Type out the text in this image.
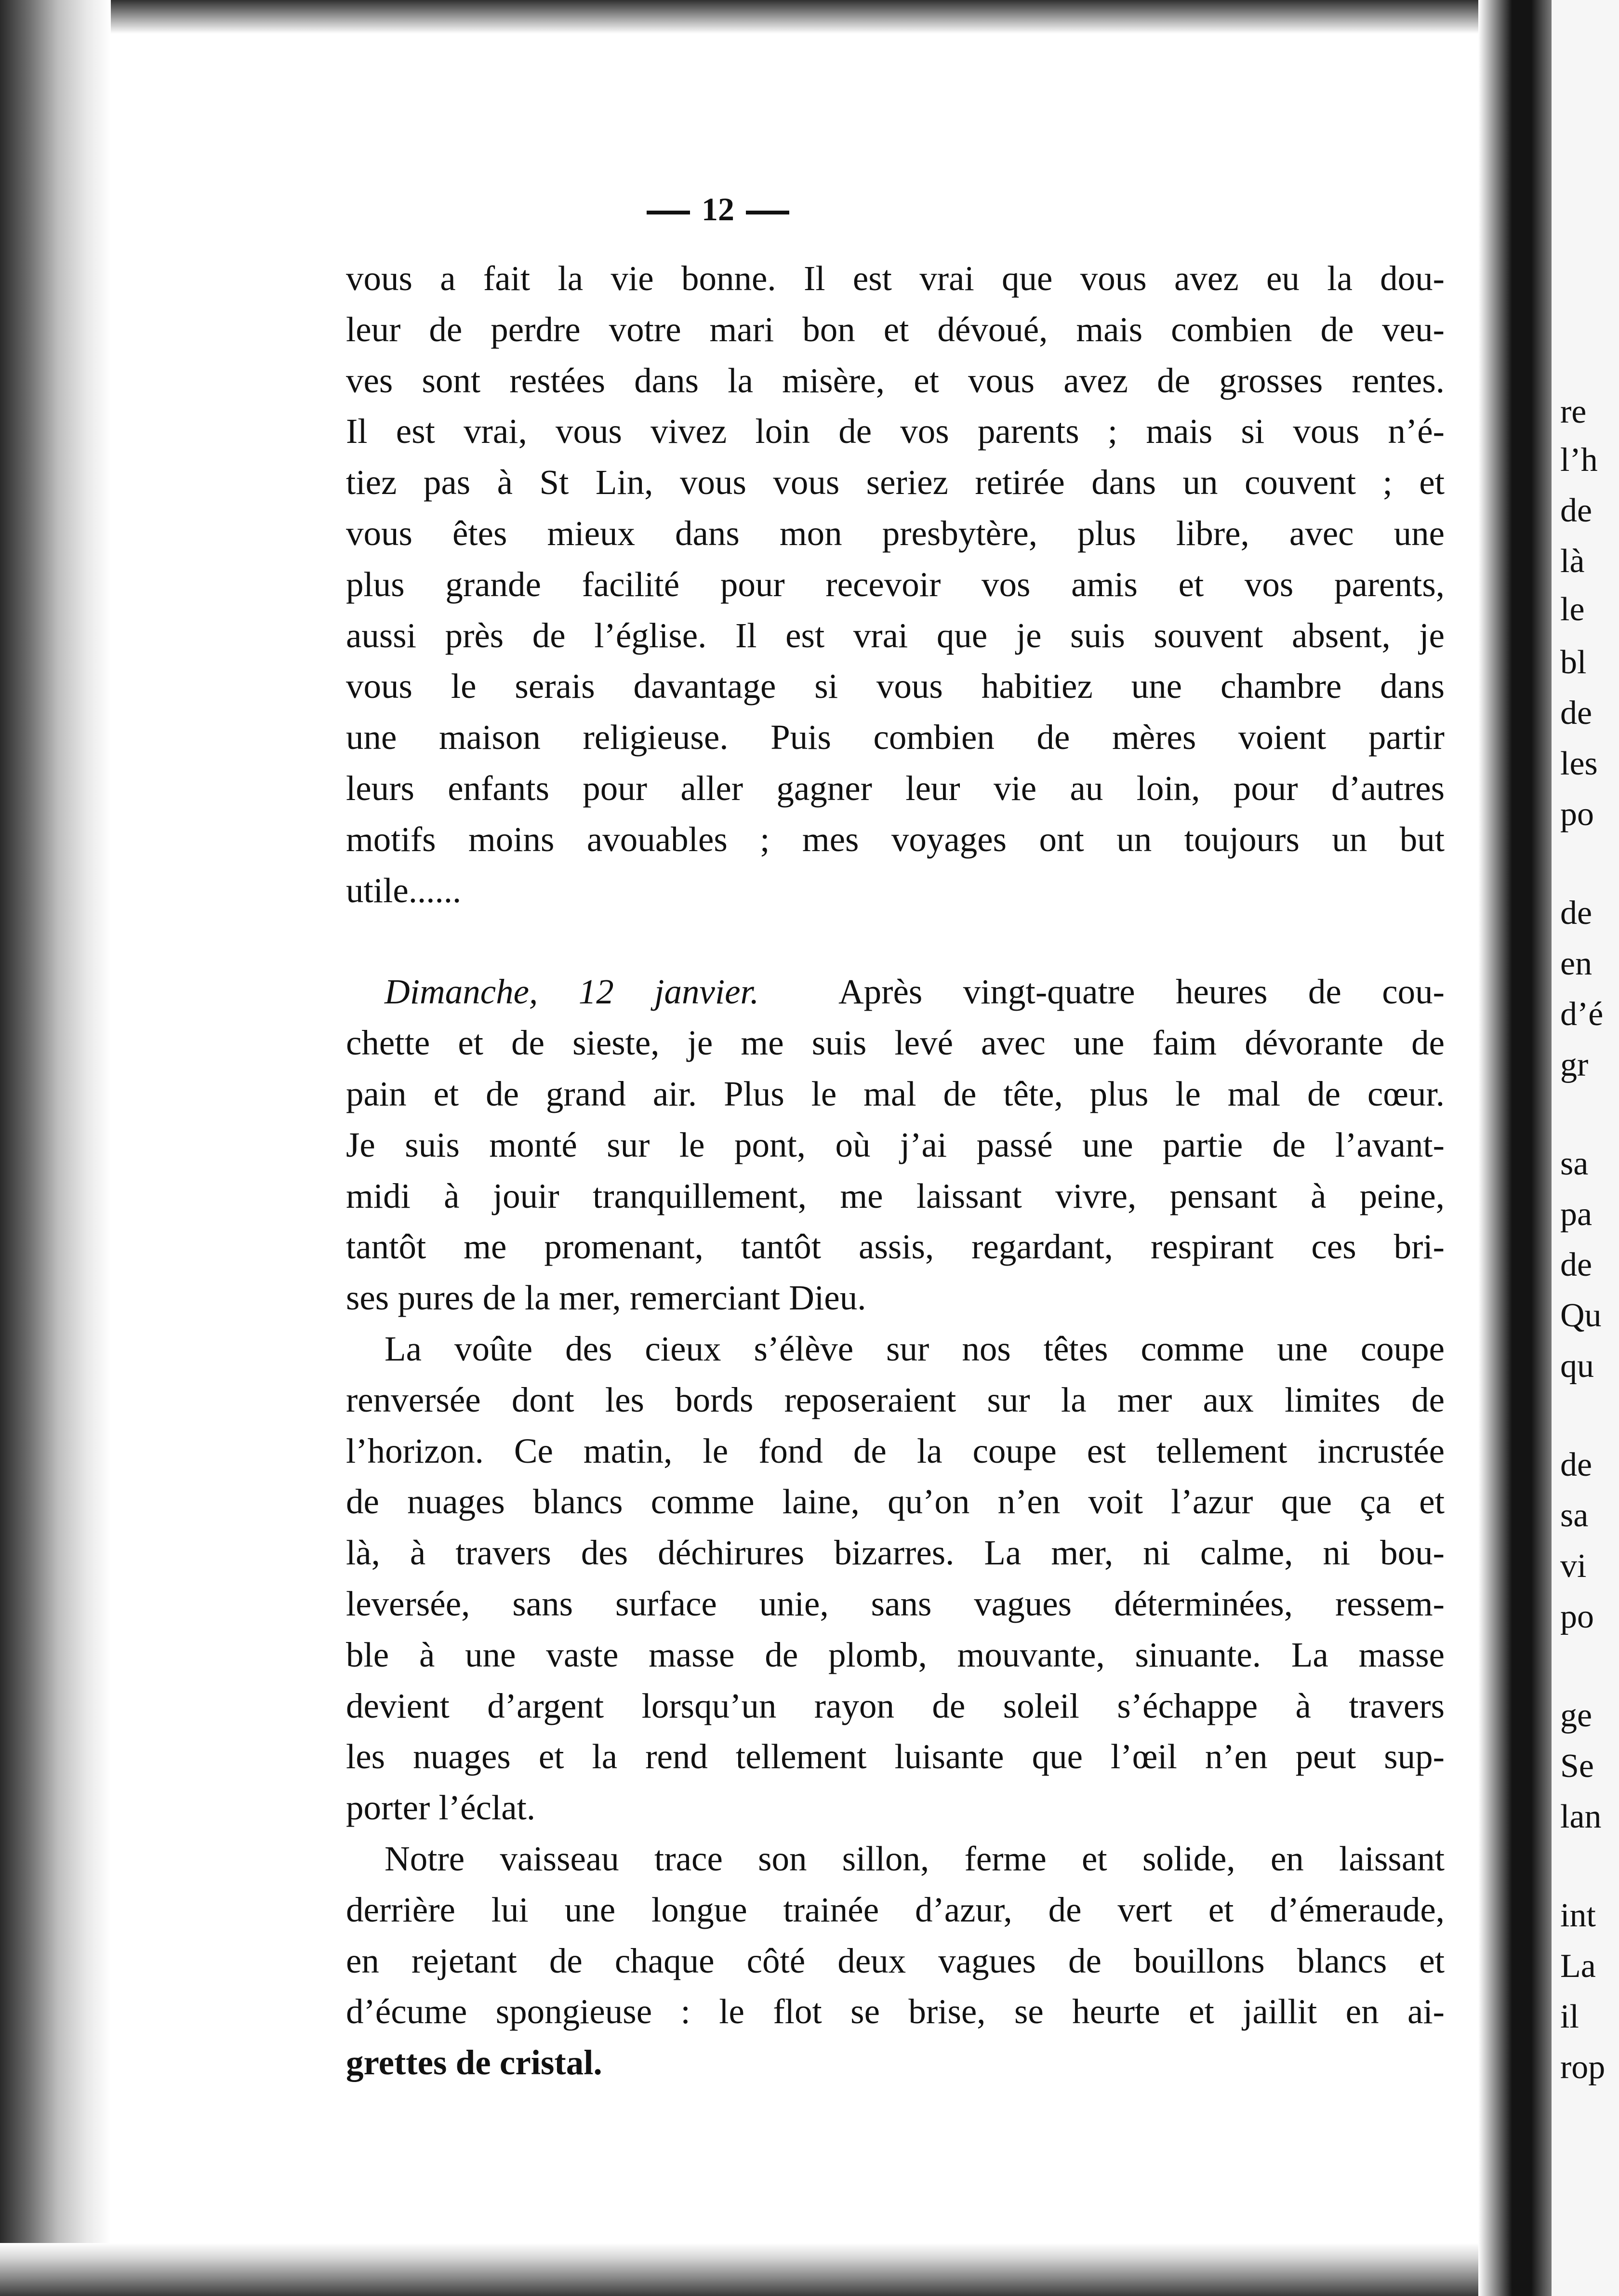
12

vous a fait la vie bonne. Il est vrai que vous avez eu la dou-
leur de perdre votre mari bon et dévoué, mais combien de veu-
ves sont restées dans la misère, et vous avez de grosses rentes.
Il est vrai, vous vivez loin de vos parents ; mais si vous n’é-
tiez pas à St Lin, vous vous seriez retirée dans un couvent ; et
vous êtes mieux dans mon presbytère, plus libre, avec une
plus grande facilité pour recevoir vos amis et vos parents,
aussi près de l’église. Il est vrai que je suis souvent absent, je
vous le serais davantage si vous habitiez une chambre dans
une maison religieuse. Puis combien de mères voient partir
leurs enfants pour aller gagner leur vie au loin, pour d’autres
motifs moins avouables ; mes voyages ont un toujours un but
utile......

Dimanche, 12 janvier. Après vingt-quatre heures de cou-
chette et de sieste, je me suis levé avec une faim dévorante de
pain et de grand air. Plus le mal de tête, plus le mal de cœur.
Je suis monté sur le pont, où j’ai passé une partie de l’avant-
midi à jouir tranquillement, me laissant vivre, pensant à peine,
tantôt me promenant, tantôt assis, regardant, respirant ces bri-
ses pures de la mer, remerciant Dieu.

La voûte des cieux s’élève sur nos têtes comme une coupe
renversée dont les bords reposeraient sur la mer aux limites de
l’horizon. Ce matin, le fond de la coupe est tellement incrustée
de nuages blancs comme laine, qu’on n’en voit l’azur que ça et
là, à travers des déchirures bizarres. La mer, ni calme, ni bou-
leversée, sans surface unie, sans vagues déterminées, ressem-
ble à une vaste masse de plomb, mouvante, sinuante. La masse
devient d’argent lorsqu’un rayon de soleil s’échappe à travers
les nuages et la rend tellement luisante que l’œil n’en peut sup-
porter l’éclat.

Notre vaisseau trace son sillon, ferme et solide, en laissant
derrière lui une longue trainée d’azur, de vert et d’émeraude,
en rejetant de chaque côté deux vagues de bouillons blancs et
d’écume spongieuse : le flot se brise, se heurte et jaillit en ai-
grettes de cristal.

re
l’h
de
là
le
bl
de
les
po
de
en
d’é
gr
sa
pa
de
Qu
qu
de
sa
vi
po
ge
Se
lan
int
La
il
rop
